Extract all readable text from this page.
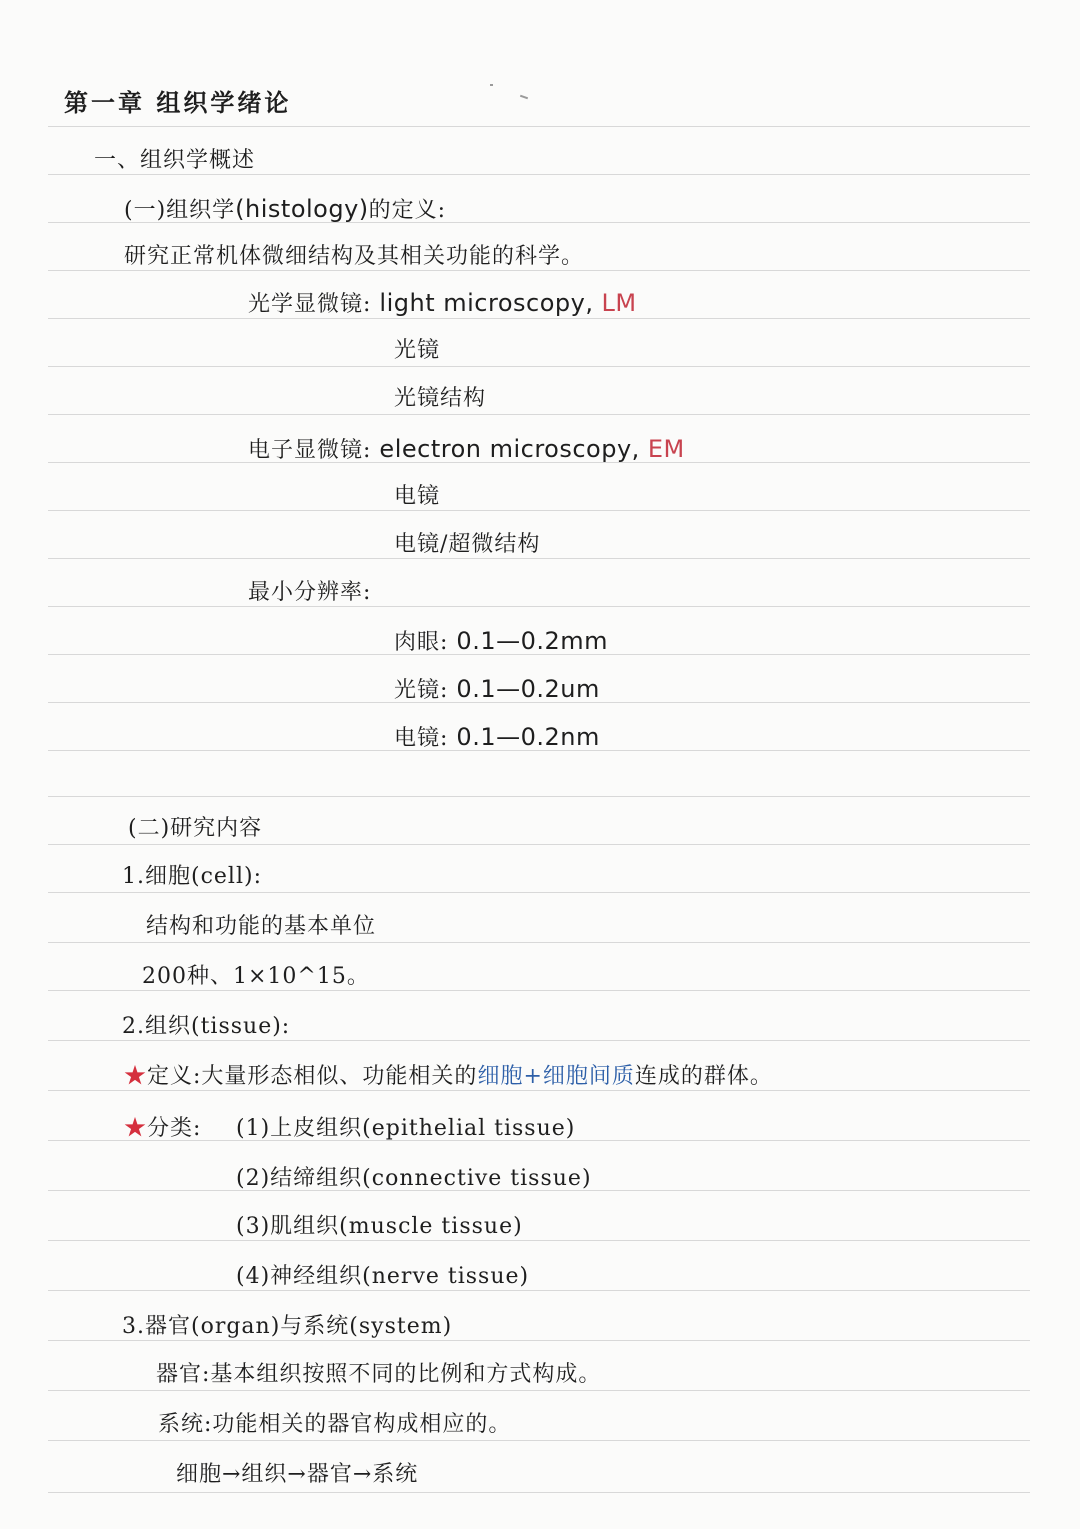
第一章 组织学绪论
一、组织学概述
(一)组织学(histology)的定义:
研究正常机体微细结构及其相关功能的科学。
光学显微镜: light microscopy, LM
光镜
光镜结构
电子显微镜: electron microscopy, EM
电镜
电镜/超微结构
最小分辨率:
肉眼: 0.1—0.2mm
光镜: 0.1—0.2um
电镜: 0.1—0.2nm
(二)研究内容
1.细胞(cell):
结构和功能的基本单位
200种、1×10^15。
2.组织(tissue):
★定义:大量形态相似、功能相关的细胞+细胞间质连成的群体。
★分类: (1)上皮组织(epithelial tissue)
(2)结缔组织(connective tissue)
(3)肌组织(muscle tissue)
(4)神经组织(nerve tissue)
3.器官(organ)与系统(system)
器官:基本组织按照不同的比例和方式构成。
系统:功能相关的器官构成相应的。
细胞→组织→器官→系统
